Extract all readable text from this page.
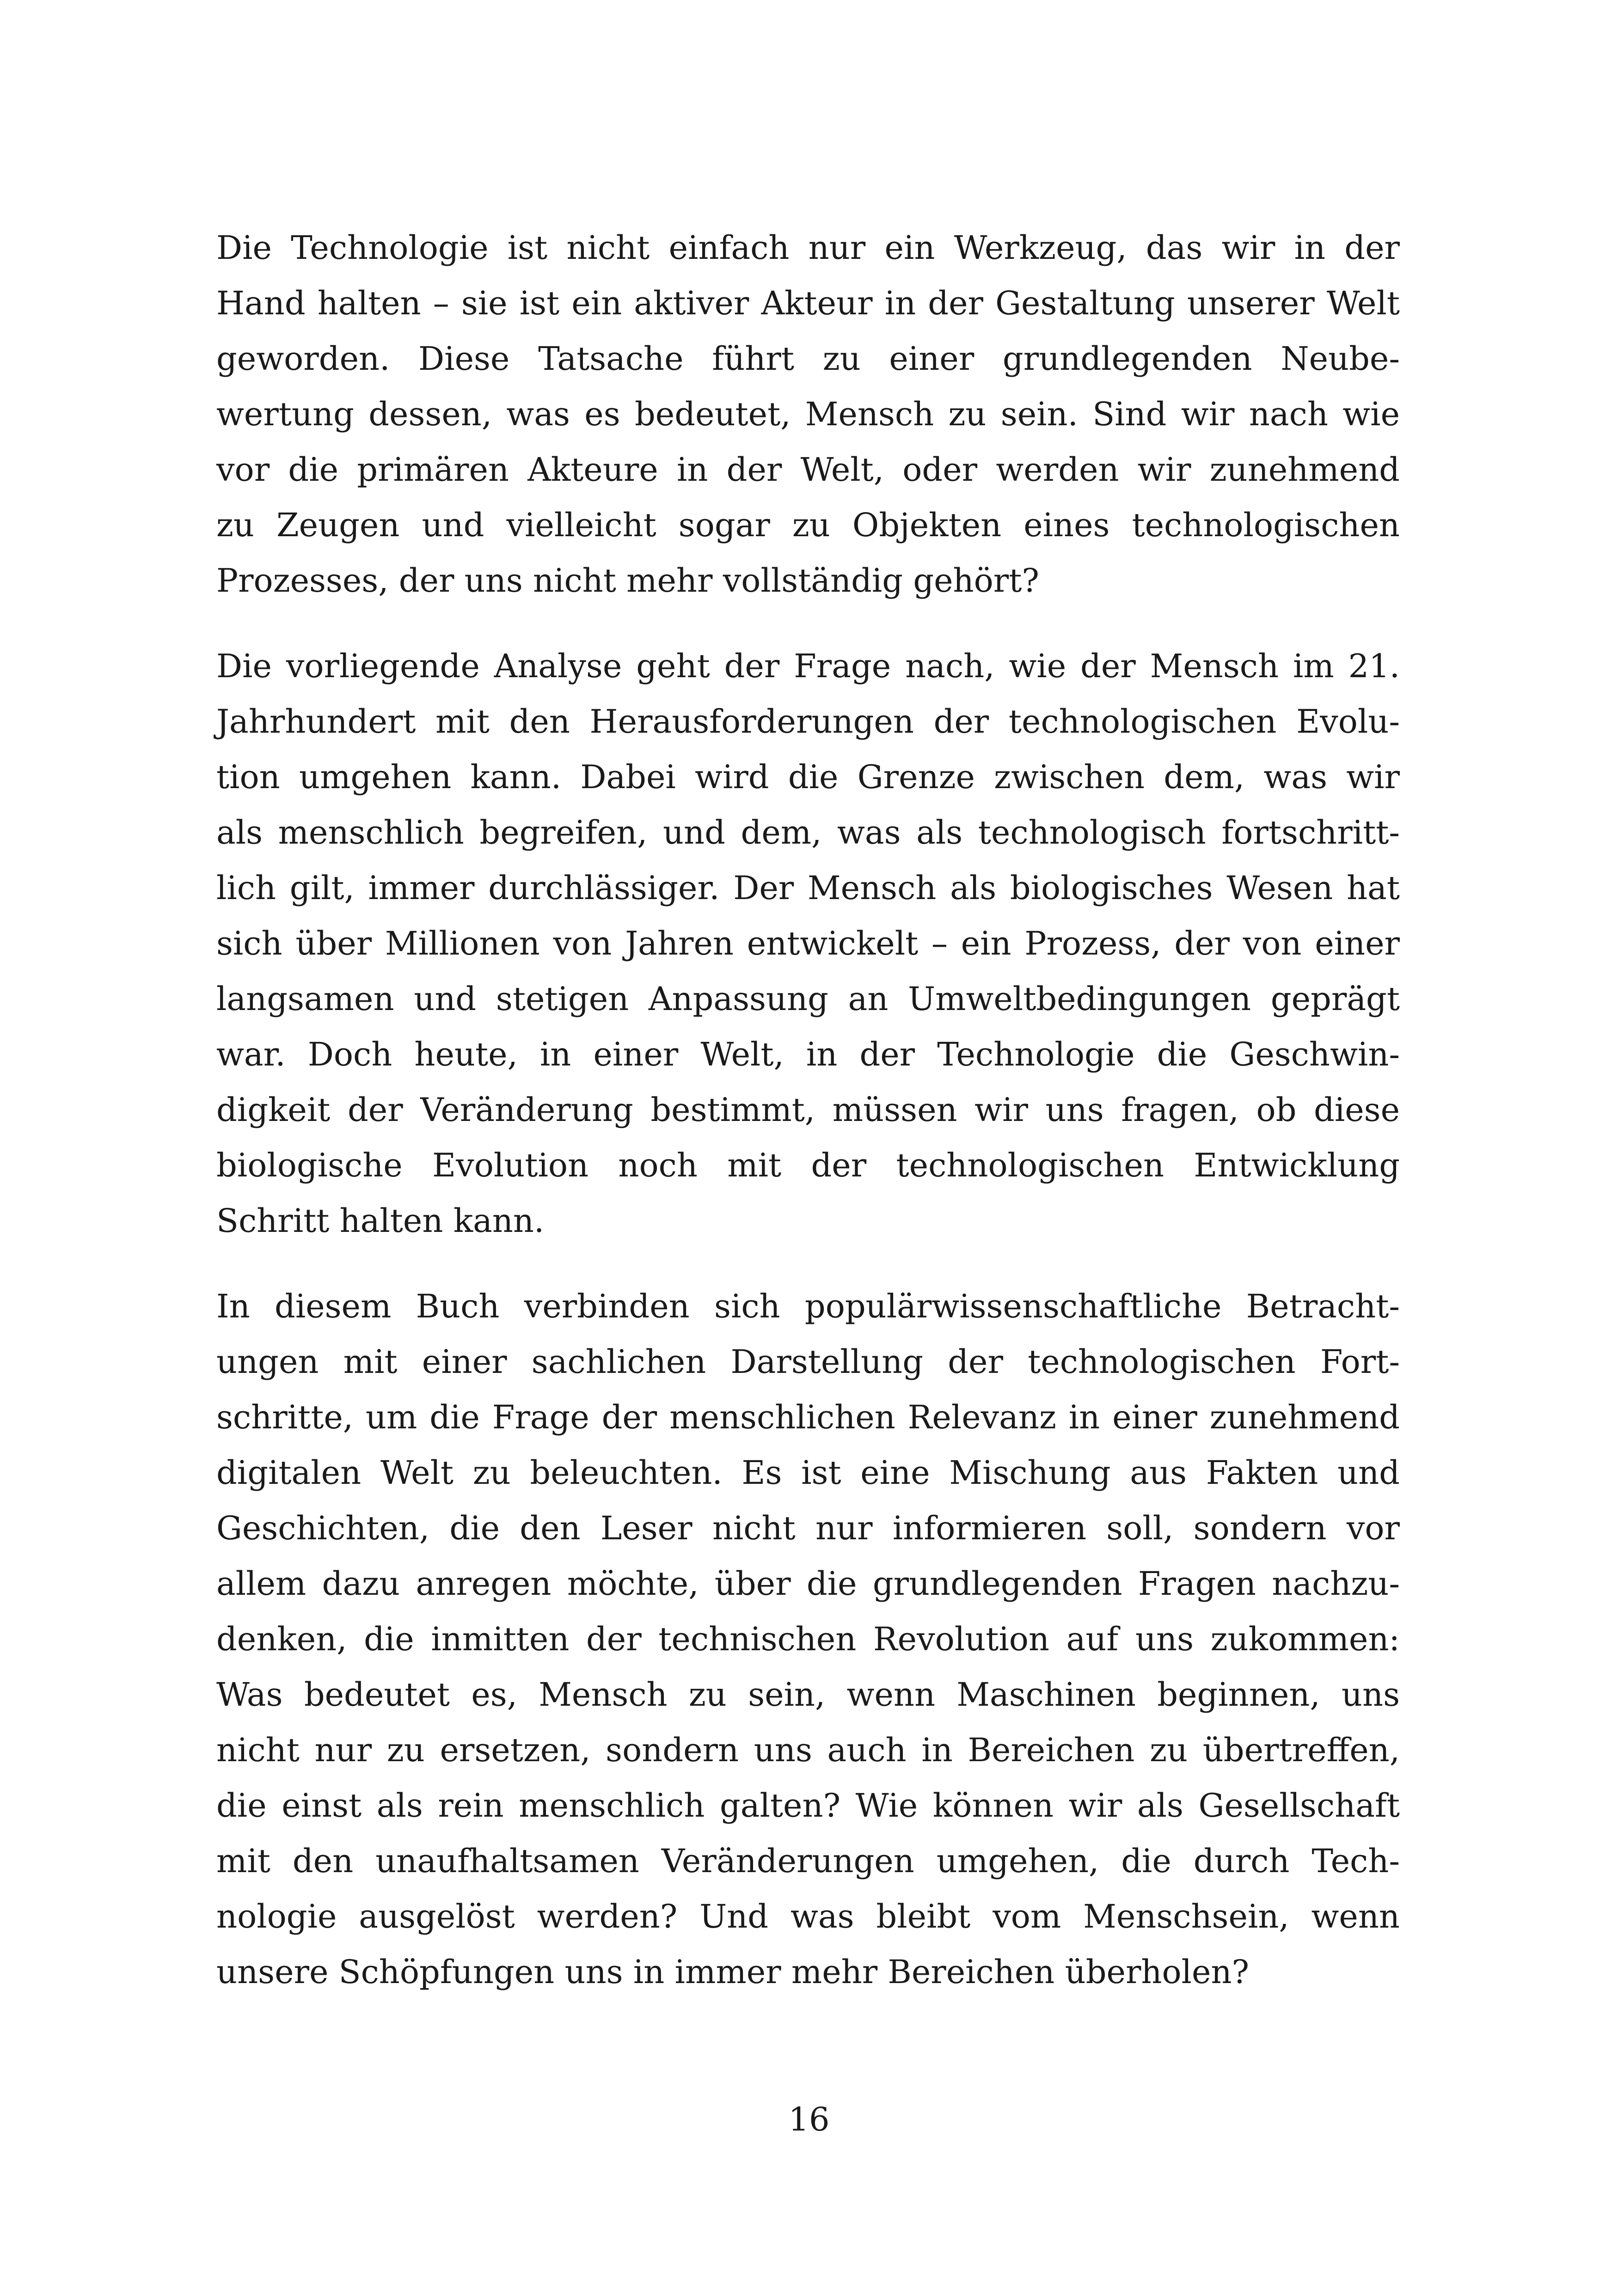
Die Technologie ist nicht einfach nur ein Werkzeug, das wir in der
Hand halten – sie ist ein aktiver Akteur in der Gestaltung unserer Welt
geworden. Diese Tatsache führt zu einer grundlegenden Neube-
wertung dessen, was es bedeutet, Mensch zu sein. Sind wir nach wie
vor die primären Akteure in der Welt, oder werden wir zunehmend
zu Zeugen und vielleicht sogar zu Objekten eines technologischen
Prozesses, der uns nicht mehr vollständig gehört?

Die vorliegende Analyse geht der Frage nach, wie der Mensch im 21.
Jahrhundert mit den Herausforderungen der technologischen Evolu-
tion umgehen kann. Dabei wird die Grenze zwischen dem, was wir
als menschlich begreifen, und dem, was als technologisch fortschritt-
lich gilt, immer durchlässiger. Der Mensch als biologisches Wesen hat
sich über Millionen von Jahren entwickelt – ein Prozess, der von einer
langsamen und stetigen Anpassung an Umweltbedingungen geprägt
war. Doch heute, in einer Welt, in der Technologie die Geschwin-
digkeit der Veränderung bestimmt, müssen wir uns fragen, ob diese
biologische Evolution noch mit der technologischen Entwicklung
Schritt halten kann.

In diesem Buch verbinden sich populärwissenschaftliche Betracht-
ungen mit einer sachlichen Darstellung der technologischen Fort-
schritte, um die Frage der menschlichen Relevanz in einer zunehmend
digitalen Welt zu beleuchten. Es ist eine Mischung aus Fakten und
Geschichten, die den Leser nicht nur informieren soll, sondern vor
allem dazu anregen möchte, über die grundlegenden Fragen nachzu-
denken, die inmitten der technischen Revolution auf uns zukommen:
Was bedeutet es, Mensch zu sein, wenn Maschinen beginnen, uns
nicht nur zu ersetzen, sondern uns auch in Bereichen zu übertreffen,
die einst als rein menschlich galten? Wie können wir als Gesellschaft
mit den unaufhaltsamen Veränderungen umgehen, die durch Tech-
nologie ausgelöst werden? Und was bleibt vom Menschsein, wenn
unsere Schöpfungen uns in immer mehr Bereichen überholen?

16
